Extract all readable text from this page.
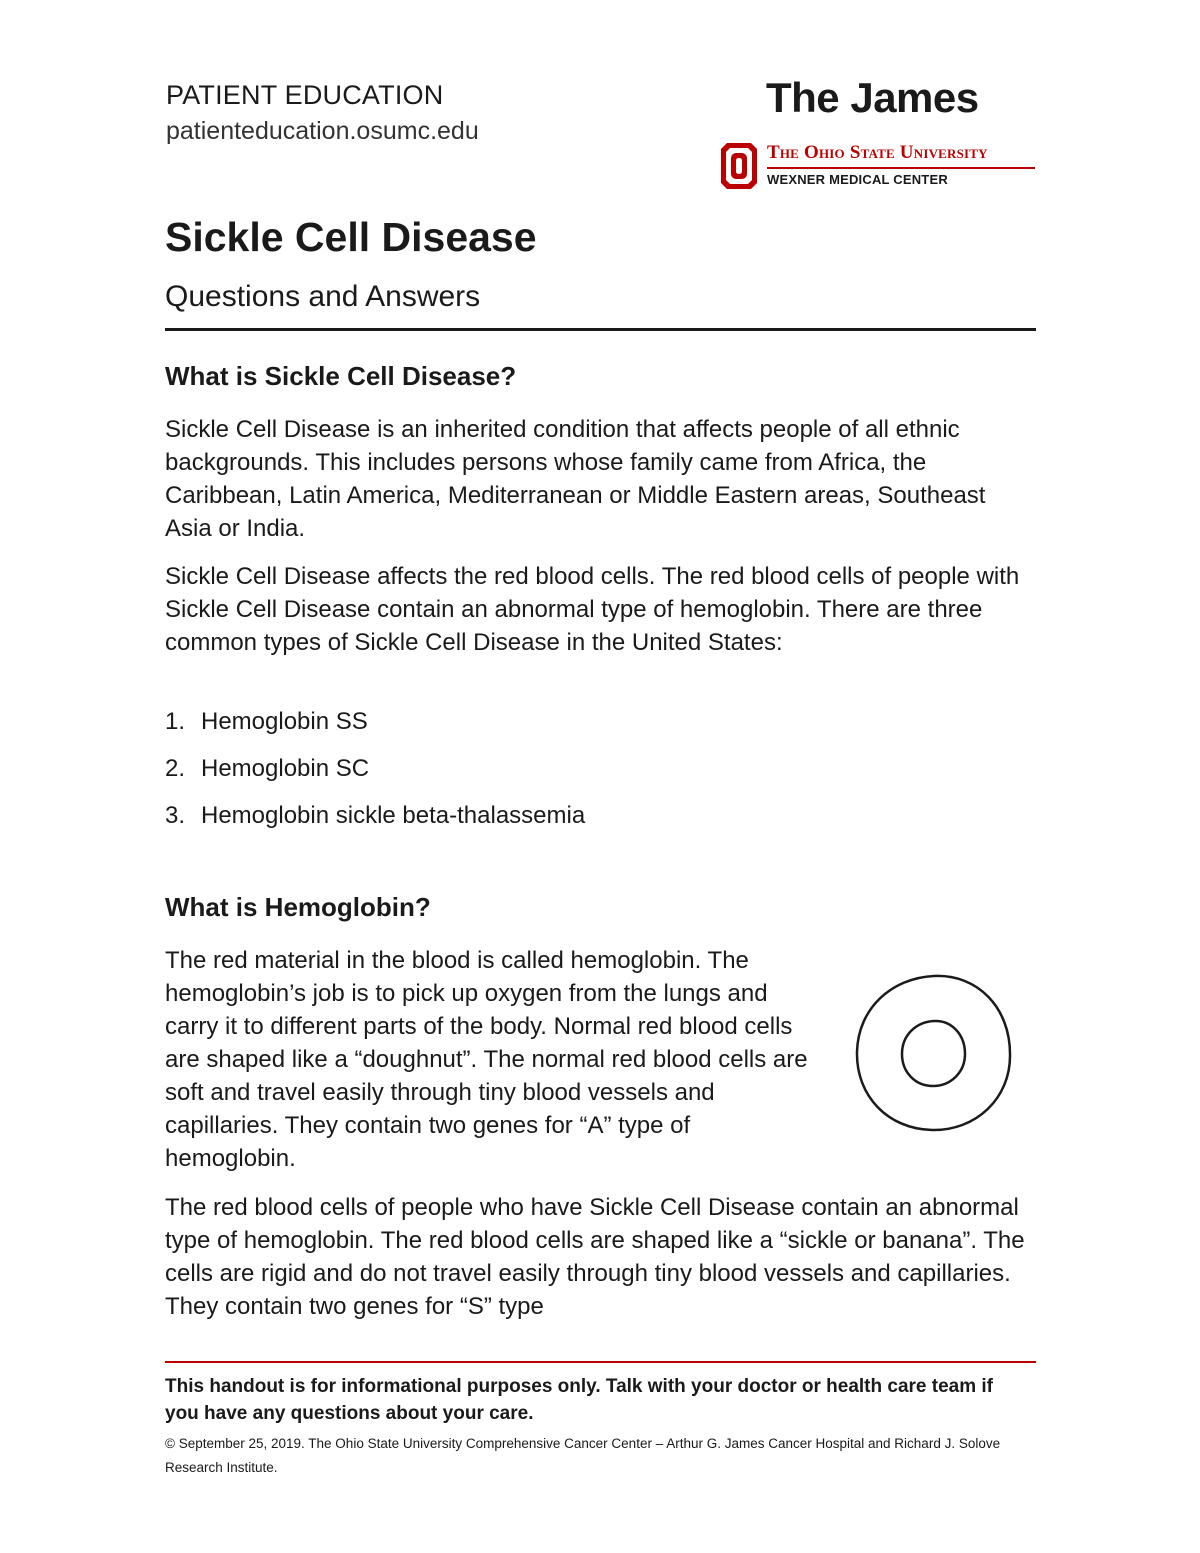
PATIENT EDUCATION
patienteducation.osumc.edu
The James
The Ohio State University
WEXNER MEDICAL CENTER
Sickle Cell Disease
Questions and Answers
What is Sickle Cell Disease?

Sickle Cell Disease is an inherited condition that affects people of all ethnic backgrounds. This includes persons whose family came from Africa, the Caribbean, Latin America, Mediterranean or Middle Eastern areas, Southeast Asia or India.

Sickle Cell Disease affects the red blood cells. The red blood cells of people with Sickle Cell Disease contain an abnormal type of hemoglobin. There are three common types of Sickle Cell Disease in the United States:

1. Hemoglobin SS
2. Hemoglobin SC
3. Hemoglobin sickle beta-thalassemia
What is Hemoglobin?

The red material in the blood is called hemoglobin. The hemoglobin’s job is to pick up oxygen from the lungs and carry it to different parts of the body. Normal red blood cells are shaped like a “doughnut”. The normal red blood cells are soft and travel easily through tiny blood vessels and capillaries. They contain two genes for “A” type of hemoglobin.

The red blood cells of people who have Sickle Cell Disease contain an abnormal type of hemoglobin. The red blood cells are shaped like a “sickle or banana”. The cells are rigid and do not travel easily through tiny blood vessels and capillaries. They contain two genes for “S” type

This handout is for informational purposes only. Talk with your doctor or health care team if you have any questions about your care.

© September 25, 2019. The Ohio State University Comprehensive Cancer Center – Arthur G. James Cancer Hospital and Richard J. Solove Research Institute.
